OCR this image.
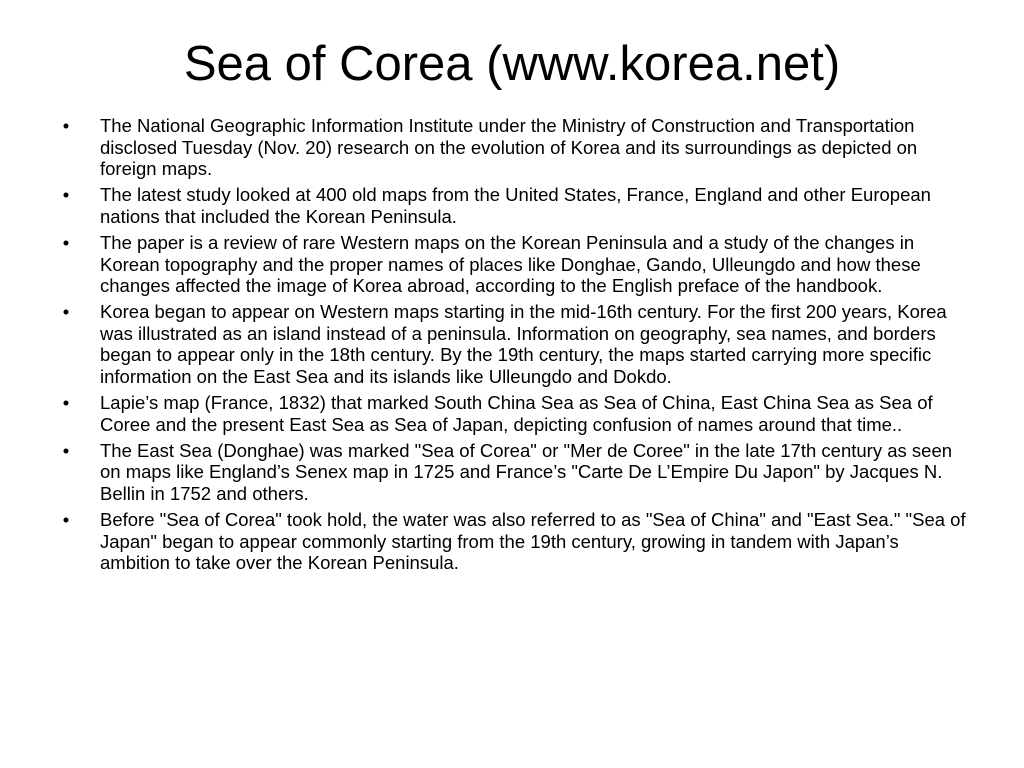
Sea of Corea (www.korea.net)
• The National Geographic Information Institute under the Ministry of Construction and Transportation disclosed Tuesday (Nov. 20) research on the evolution of Korea and its surroundings as depicted on foreign maps.
• The latest study looked at 400 old maps from the United States, France, England and other European nations that included the Korean Peninsula.
• The paper is a review of rare Western maps on the Korean Peninsula and a study of the changes in Korean topography and the proper names of places like Donghae, Gando, Ulleungdo and how these changes affected the image of Korea abroad, according to the English preface of the handbook.
• Korea began to appear on Western maps starting in the mid-16th century. For the first 200 years, Korea was illustrated as an island instead of a peninsula. Information on geography, sea names, and borders began to appear only in the 18th century. By the 19th century, the maps started carrying more specific information on the East Sea and its islands like Ulleungdo and Dokdo.
• Lapie’s map (France, 1832) that marked South China Sea as Sea of China, East China Sea as Sea of Coree and the present East Sea as Sea of Japan, depicting confusion of names around that time..
• The East Sea (Donghae) was marked "Sea of Corea" or "Mer de Coree" in the late 17th century as seen on maps like England’s Senex map in 1725 and France’s "Carte De L’Empire Du Japon" by Jacques N. Bellin in 1752 and others.
• Before "Sea of Corea" took hold, the water was also referred to as "Sea of China" and "East Sea." "Sea of Japan" began to appear commonly starting from the 19th century, growing in tandem with Japan’s ambition to take over the Korean Peninsula.
